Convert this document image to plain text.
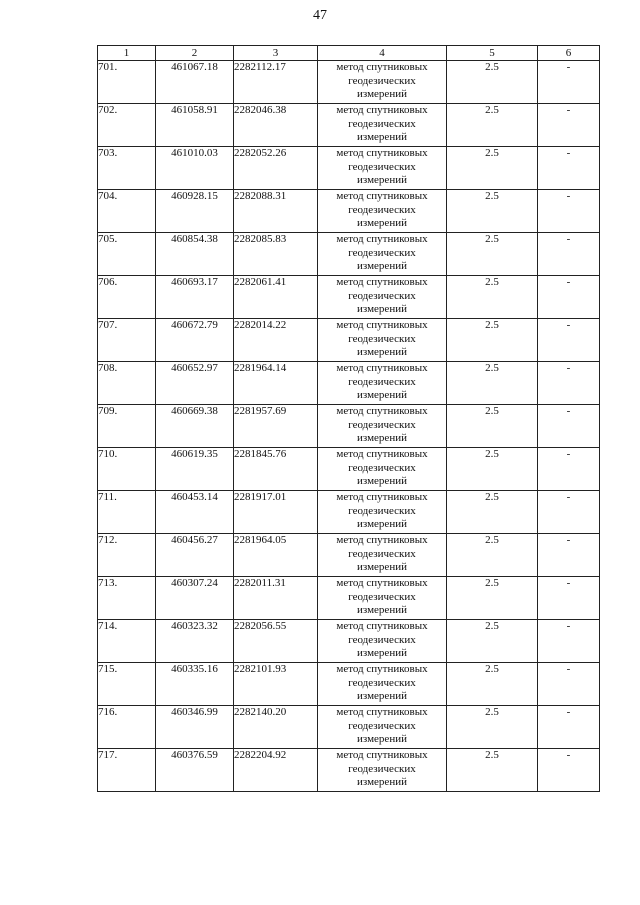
47
1	2	3	4	5	6
701.	461067.18	2282112.17	метод спутниковых
геодезических
измерений	2.5	-
702.	461058.91	2282046.38	метод спутниковых
геодезических
измерений	2.5	-
703.	461010.03	2282052.26	метод спутниковых
геодезических
измерений	2.5	-
704.	460928.15	2282088.31	метод спутниковых
геодезических
измерений	2.5	-
705.	460854.38	2282085.83	метод спутниковых
геодезических
измерений	2.5	-
706.	460693.17	2282061.41	метод спутниковых
геодезических
измерений	2.5	-
707.	460672.79	2282014.22	метод спутниковых
геодезических
измерений	2.5	-
708.	460652.97	2281964.14	метод спутниковых
геодезических
измерений	2.5	-
709.	460669.38	2281957.69	метод спутниковых
геодезических
измерений	2.5	-
710.	460619.35	2281845.76	метод спутниковых
геодезических
измерений	2.5	-
711.	460453.14	2281917.01	метод спутниковых
геодезических
измерений	2.5	-
712.	460456.27	2281964.05	метод спутниковых
геодезических
измерений	2.5	-
713.	460307.24	2282011.31	метод спутниковых
геодезических
измерений	2.5	-
714.	460323.32	2282056.55	метод спутниковых
геодезических
измерений	2.5	-
715.	460335.16	2282101.93	метод спутниковых
геодезических
измерений	2.5	-
716.	460346.99	2282140.20	метод спутниковых
геодезических
измерений	2.5	-
717.	460376.59	2282204.92	метод спутниковых
геодезических
измерений	2.5	-
